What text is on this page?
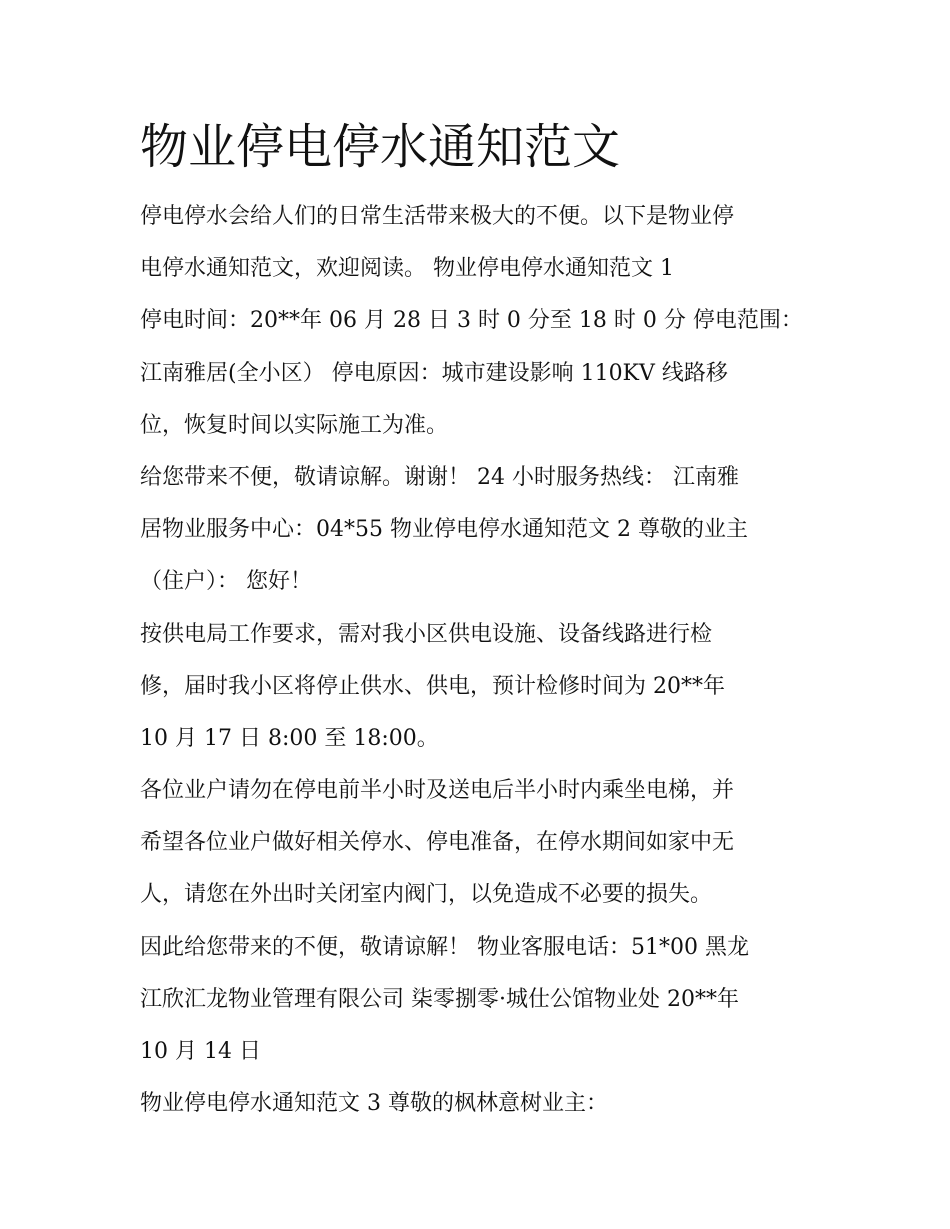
物业停电停水通知范文
停电停水会给人们的日常生活带来极大的不便。以下是物业停
电停水通知范文，欢迎阅读。 物业停电停水通知范文 1
停电时间：20**年 06 月 28 日 3 时 0 分至 18 时 0 分 停电范围：
江南雅居(全小区） 停电原因：城市建设影响 110KV 线路移
位，恢复时间以实际施工为准。
给您带来不便，敬请谅解。谢谢！ 24 小时服务热线： 江南雅
居物业服务中心：04*55 物业停电停水通知范文 2 尊敬的业主
（住户）： 您好！
按供电局工作要求，需对我小区供电设施、设备线路进行检
修，届时我小区将停止供水、供电，预计检修时间为 20**年
10 月 17 日 8:00 至 18:00。
各位业户请勿在停电前半小时及送电后半小时内乘坐电梯，并
希望各位业户做好相关停水、停电准备，在停水期间如家中无
人，请您在外出时关闭室内阀门，以免造成不必要的损失。
因此给您带来的不便，敬请谅解！ 物业客服电话：51*00 黑龙
江欣汇龙物业管理有限公司 柒零捌零·城仕公馆物业处 20**年
10 月 14 日
物业停电停水通知范文 3 尊敬的枫林意树业主：
